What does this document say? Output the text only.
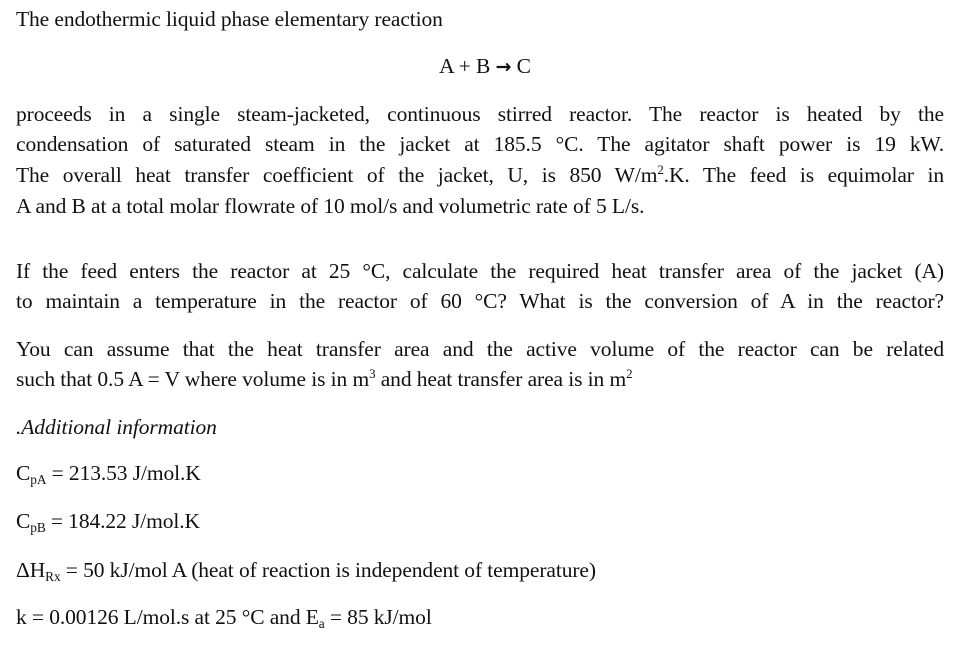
The endothermic liquid phase elementary reaction
A + B → C
proceeds in a single steam-jacketed, continuous stirred reactor. The reactor is heated by the
condensation of saturated steam in the jacket at 185.5 °C. The agitator shaft power is 19 kW.
The overall heat transfer coefficient of the jacket, U, is 850 $W/m^2.K$. The feed is equimolar in
A and B at a total molar flowrate of 10 mol/s and volumetric rate of 5 L/s.
If the feed enters the reactor at 25 °C, calculate the required heat transfer area of the jacket (A)
to maintain a temperature in the reactor of 60 °C? What is the conversion of A in the reactor?
You can assume that the heat transfer area and the active volume of the reactor can be related
such that 0.5 A = V where volume is in $m^3$ and heat transfer area is in $m^2$
.Additional information
$C_{pA} = 213.53$ J/mol.K
$C_{pB} = 184.22$ J/mol.K
$\Delta H_{Rx} = 50$ kJ/mol A (heat of reaction is independent of temperature)
k = 0.00126 L/mol.s at 25 °C and $E_a = 85$ kJ/mol
